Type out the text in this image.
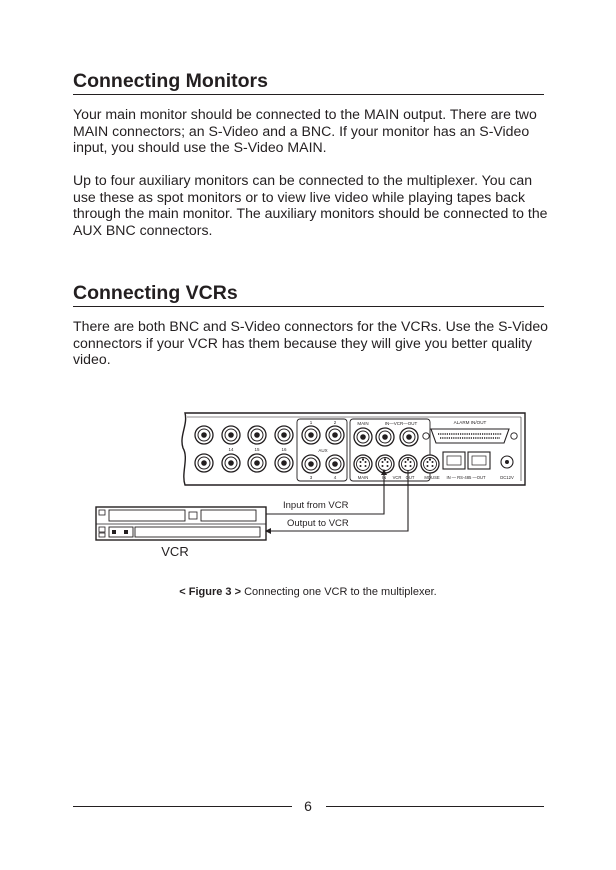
Connecting Monitors

Your main monitor should be connected to the MAIN output. There are two MAIN connectors; an S-Video and a BNC. If your monitor has an S-Video input, you should use the S-Video MAIN.

Up to four auxiliary monitors can be connected to the multiplexer. You can use these as spot monitors or to view live video while playing tapes back through the main monitor. The auxiliary monitors should be connected to the AUX BNC connectors.

Connecting VCRs

There are both BNC and S-Video connectors for the VCRs. Use the S-Video connectors if your VCR has them because they will give you better quality video.

14	15	16
1	2
AUX
3	4
MAIN	IN—VCR—OUT
MAIN	IN VCR OUT MOUSE
ALARM IN/OUT
IN — RS-485 —OUT	DC12V
VCR
Input from VCR
Output to VCR
< Figure 3 > Connecting one VCR to the multiplexer.
6
